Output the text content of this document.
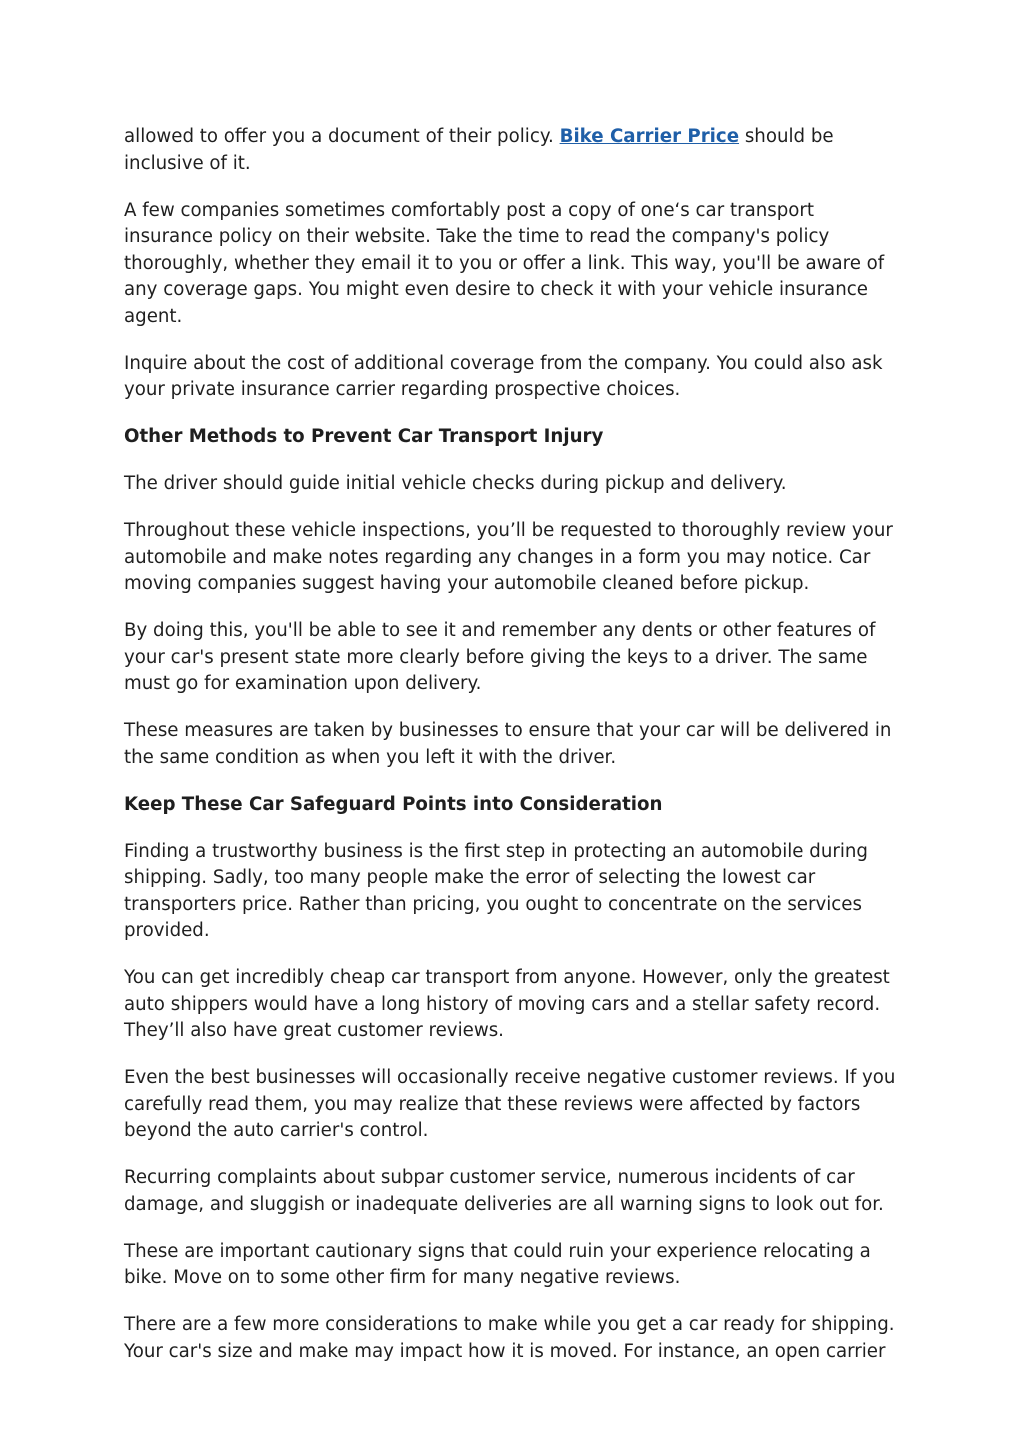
allowed to offer you a document of their policy. Bike Carrier Price should be inclusive of it.

A few companies sometimes comfortably post a copy of one‘s car transport insurance policy on their website. Take the time to read the company's policy thoroughly, whether they email it to you or offer a link. This way, you'll be aware of any coverage gaps. You might even desire to check it with your vehicle insurance agent.

Inquire about the cost of additional coverage from the company. You could also ask your private insurance carrier regarding prospective choices.

Other Methods to Prevent Car Transport Injury

The driver should guide initial vehicle checks during pickup and delivery.

Throughout these vehicle inspections, you’ll be requested to thoroughly review your automobile and make notes regarding any changes in a form you may notice. Car moving companies suggest having your automobile cleaned before pickup.

By doing this, you'll be able to see it and remember any dents or other features of your car's present state more clearly before giving the keys to a driver. The same must go for examination upon delivery.

These measures are taken by businesses to ensure that your car will be delivered in the same condition as when you left it with the driver.

Keep These Car Safeguard Points into Consideration

Finding a trustworthy business is the first step in protecting an automobile during shipping. Sadly, too many people make the error of selecting the lowest car transporters price. Rather than pricing, you ought to concentrate on the services provided.

You can get incredibly cheap car transport from anyone. However, only the greatest auto shippers would have a long history of moving cars and a stellar safety record. They’ll also have great customer reviews.

Even the best businesses will occasionally receive negative customer reviews. If you carefully read them, you may realize that these reviews were affected by factors beyond the auto carrier's control.

Recurring complaints about subpar customer service, numerous incidents of car damage, and sluggish or inadequate deliveries are all warning signs to look out for.

These are important cautionary signs that could ruin your experience relocating a bike. Move on to some other firm for many negative reviews.

There are a few more considerations to make while you get a car ready for shipping. Your car's size and make may impact how it is moved. For instance, an open carrier
